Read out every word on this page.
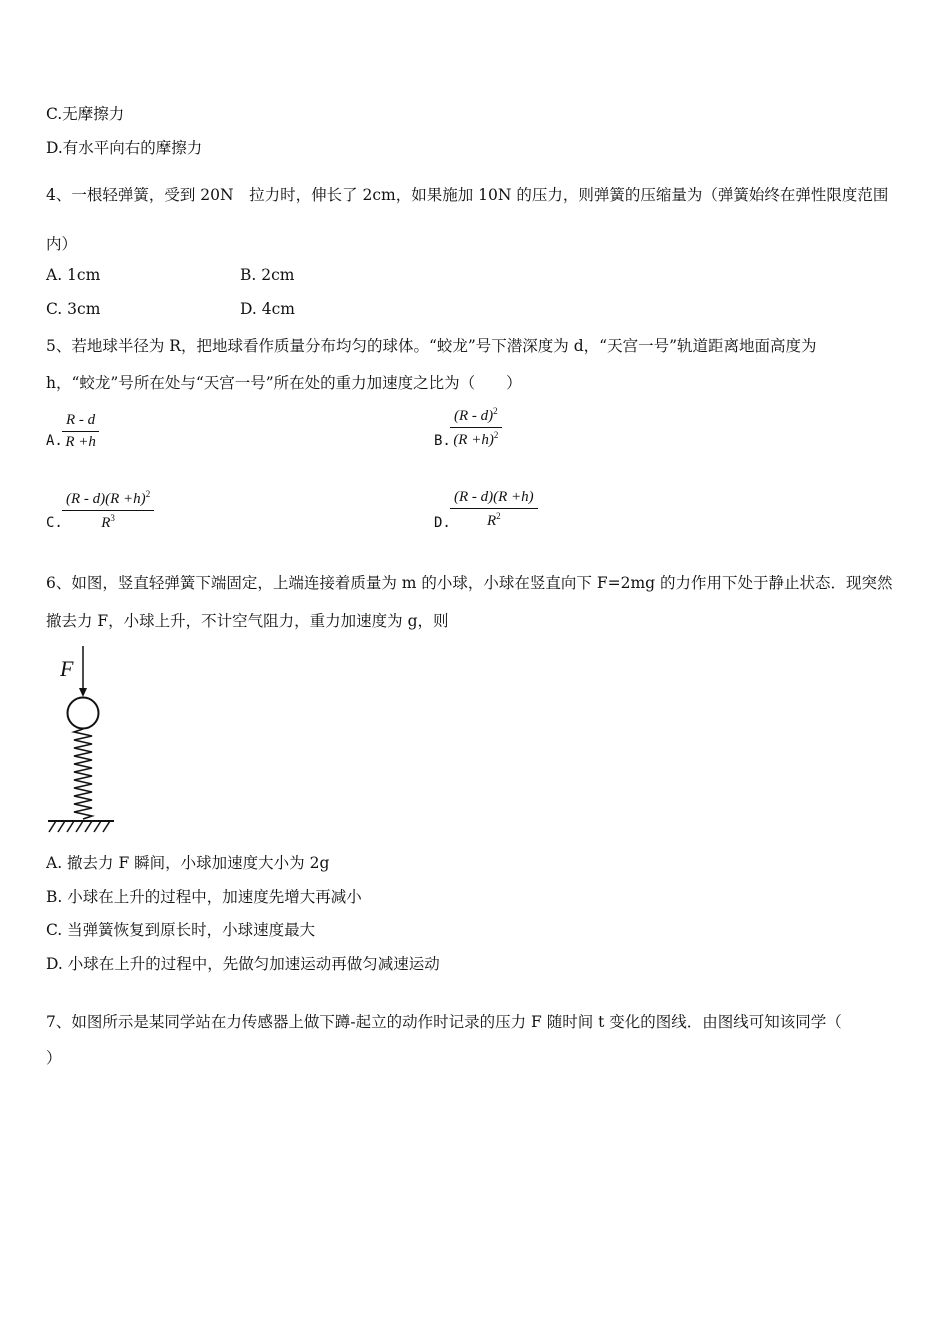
C.无摩擦力
D.有水平向右的摩擦力
4、一根轻弹簧，受到 20N　拉力时，伸长了 2cm，如果施加 10N 的压力，则弹簧的压缩量为（弹簧始终在弹性限度范围
内）
A. 1cm	B. 2cm
C. 3cm	D. 4cm
5、若地球半径为 R，把地球看作质量分布均匀的球体。“蛟龙”号下潜深度为 d，“天宫一号”轨道距离地面高度为
h，“蛟龙”号所在处与“天宫一号”所在处的重力加速度之比为（　　）
A. $\frac{R - d}{R +h}$	B. $\frac{(R - d)^2}{(R +h)^2}$
C. $\frac{(R - d)(R +h)^2}{R^3}$	D. $\frac{(R - d)(R +h)}{R^2}$
6、如图，竖直轻弹簧下端固定，上端连接着质量为 m 的小球，小球在竖直向下 F=2mg 的力作用下处于静止状态．现突然
撤去力 F，小球上升，不计空气阻力，重力加速度为 g，则
F
A. 撤去力 F 瞬间，小球加速度大小为 2g
B. 小球在上升的过程中，加速度先增大再减小
C. 当弹簧恢复到原长时，小球速度最大
D. 小球在上升的过程中，先做匀加速运动再做匀减速运动
7、如图所示是某同学站在力传感器上做下蹲-起立的动作时记录的压力 F 随时间 t 变化的图线．由图线可知该同学（
）
